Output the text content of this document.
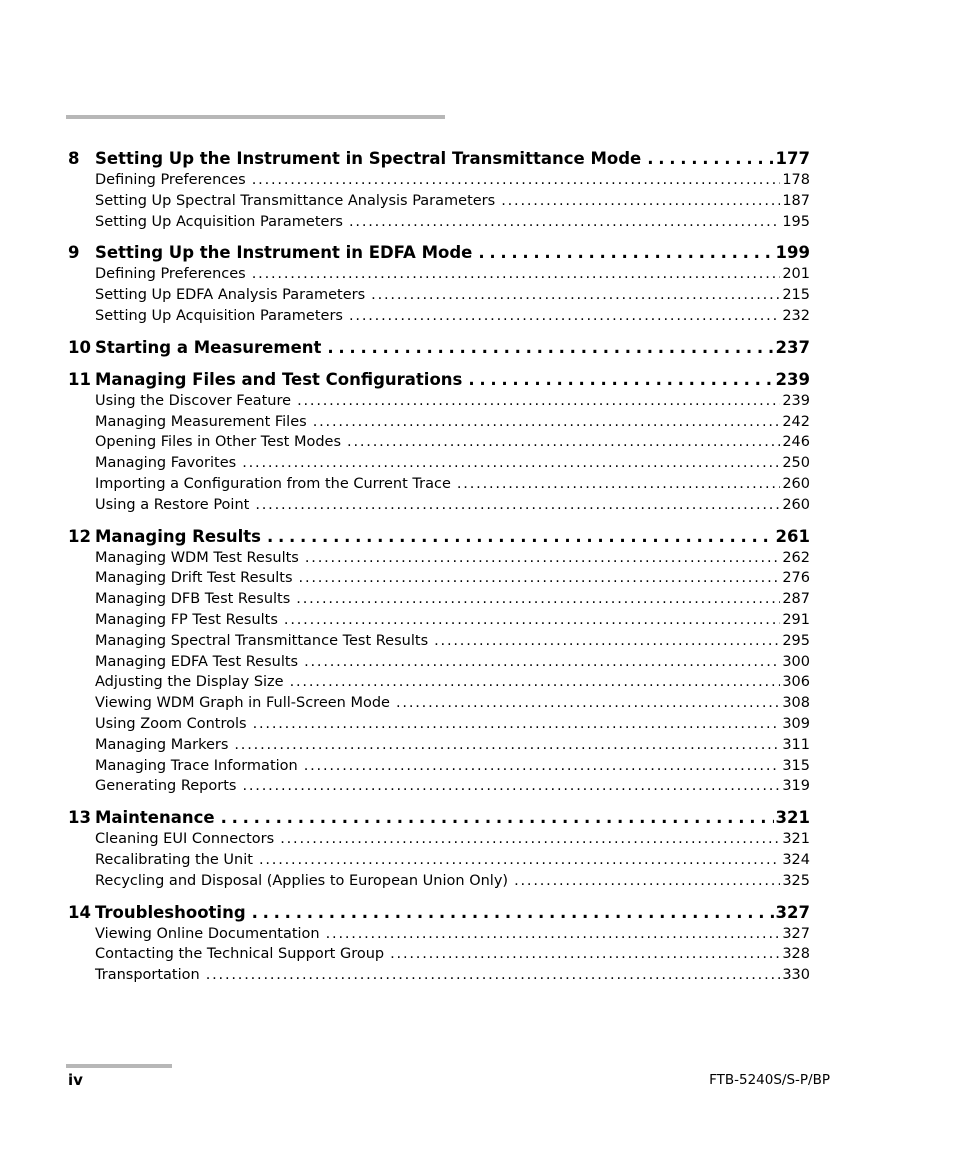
8 Setting Up the Instrument in Spectral Transmittance Mode . . .	177
Defining Preferences . . .	178
Setting Up Spectral Transmittance Analysis Parameters . . .	187
Setting Up Acquisition Parameters . . .	195
9 Setting Up the Instrument in EDFA Mode . . .	199
Defining Preferences . . .	201
Setting Up EDFA Analysis Parameters . . .	215
Setting Up Acquisition Parameters . . .	232
10 Starting a Measurement . . .	237
11 Managing Files and Test Configurations . . .	239
Using the Discover Feature . . .	239
Managing Measurement Files . . .	242
Opening Files in Other Test Modes . . .	246
Managing Favorites . . .	250
Importing a Configuration from the Current Trace . . .	260
Using a Restore Point . . .	260
12 Managing Results . . .	261
Managing WDM Test Results . . .	262
Managing Drift Test Results . . .	276
Managing DFB Test Results . . .	287
Managing FP Test Results . . .	291
Managing Spectral Transmittance Test Results . . .	295
Managing EDFA Test Results . . .	300
Adjusting the Display Size . . .	306
Viewing WDM Graph in Full-Screen Mode . . .	308
Using Zoom Controls . . .	309
Managing Markers . . .	311
Managing Trace Information . . .	315
Generating Reports . . .	319
13 Maintenance . . .	321
Cleaning EUI Connectors . . .	321
Recalibrating the Unit . . .	324
Recycling and Disposal (Applies to European Union Only) . . .	325
14 Troubleshooting . . .	327
Viewing Online Documentation . . .	327
Contacting the Technical Support Group . . .	328
Transportation . . .	330
iv	FTB-5240S/S-P/BP
